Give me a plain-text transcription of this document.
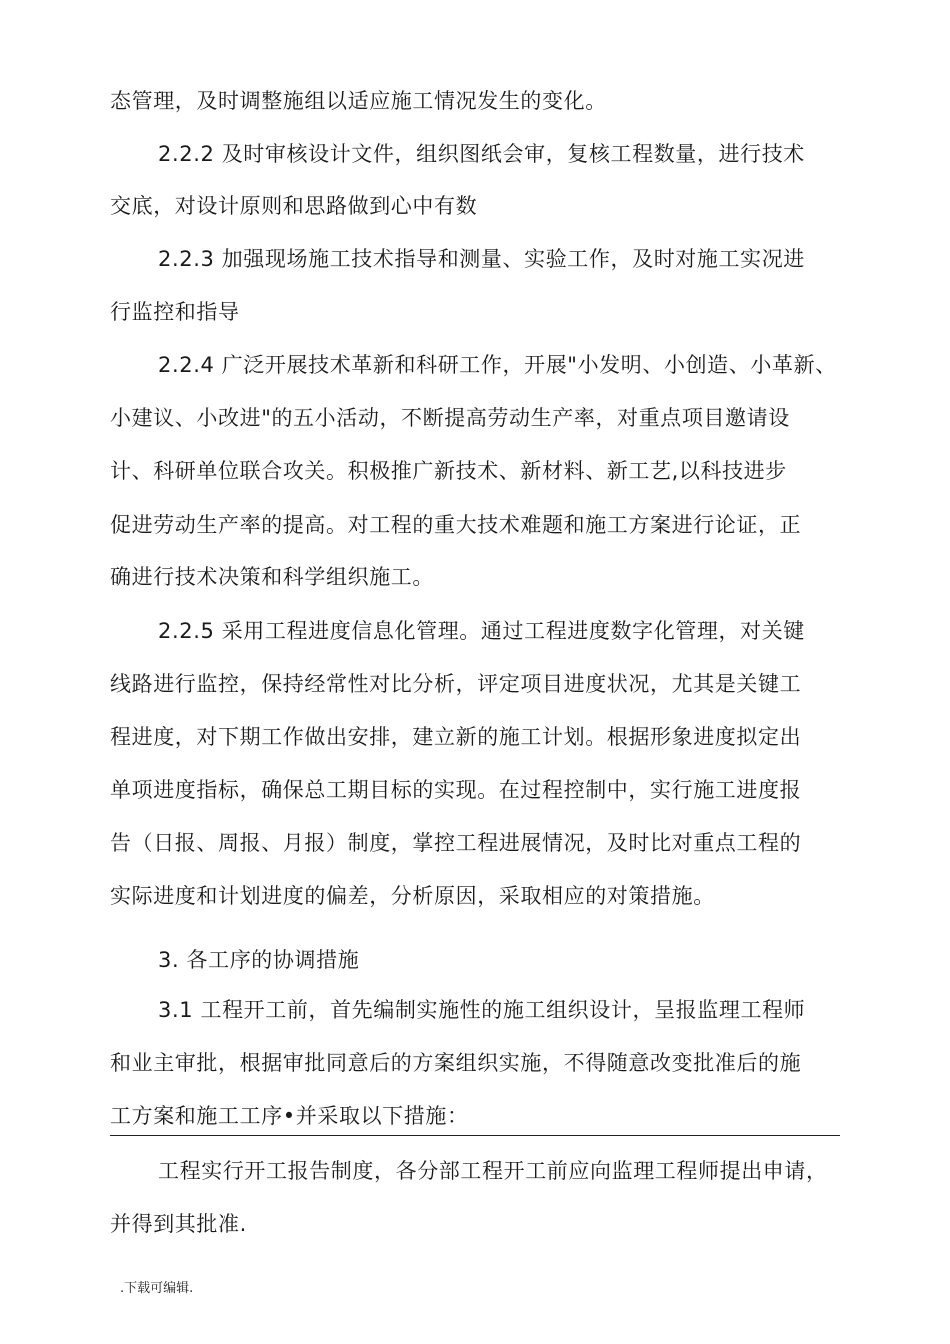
态管理，及时调整施组以适应施工情况发生的变化。
2.2.2 及时审核设计文件，组织图纸会审，复核工程数量，进行技术
交底，对设计原则和思路做到心中有数
2.2.3 加强现场施工技术指导和测量、实验工作，及时对施工实况进
行监控和指导
2.2.4 广泛开展技术革新和科研工作，开展"小发明、小创造、小革新、
小建议、小改进"的五小活动，不断提高劳动生产率，对重点项目邀请设
计、科研单位联合攻关。积极推广新技术、新材料、新工艺,以科技进步
促进劳动生产率的提高。对工程的重大技术难题和施工方案进行论证，正
确进行技术决策和科学组织施工。
2.2.5 采用工程进度信息化管理。通过工程进度数字化管理，对关键
线路进行监控，保持经常性对比分析，评定项目进度状况，尤其是关键工
程进度，对下期工作做出安排，建立新的施工计划。根据形象进度拟定出
单项进度指标，确保总工期目标的实现。在过程控制中，实行施工进度报
告（日报、周报、月报）制度，掌控工程进展情况，及时比对重点工程的
实际进度和计划进度的偏差，分析原因，采取相应的对策措施。
3. 各工序的协调措施
3.1 工程开工前，首先编制实施性的施工组织设计，呈报监理工程师
和业主审批，根据审批同意后的方案组织实施，不得随意改变批准后的施
工方案和施工工序•并采取以下措施：
工程实行开工报告制度，各分部工程开工前应向监理工程师提出申请，
并得到其批准.
.下载可编辑.
